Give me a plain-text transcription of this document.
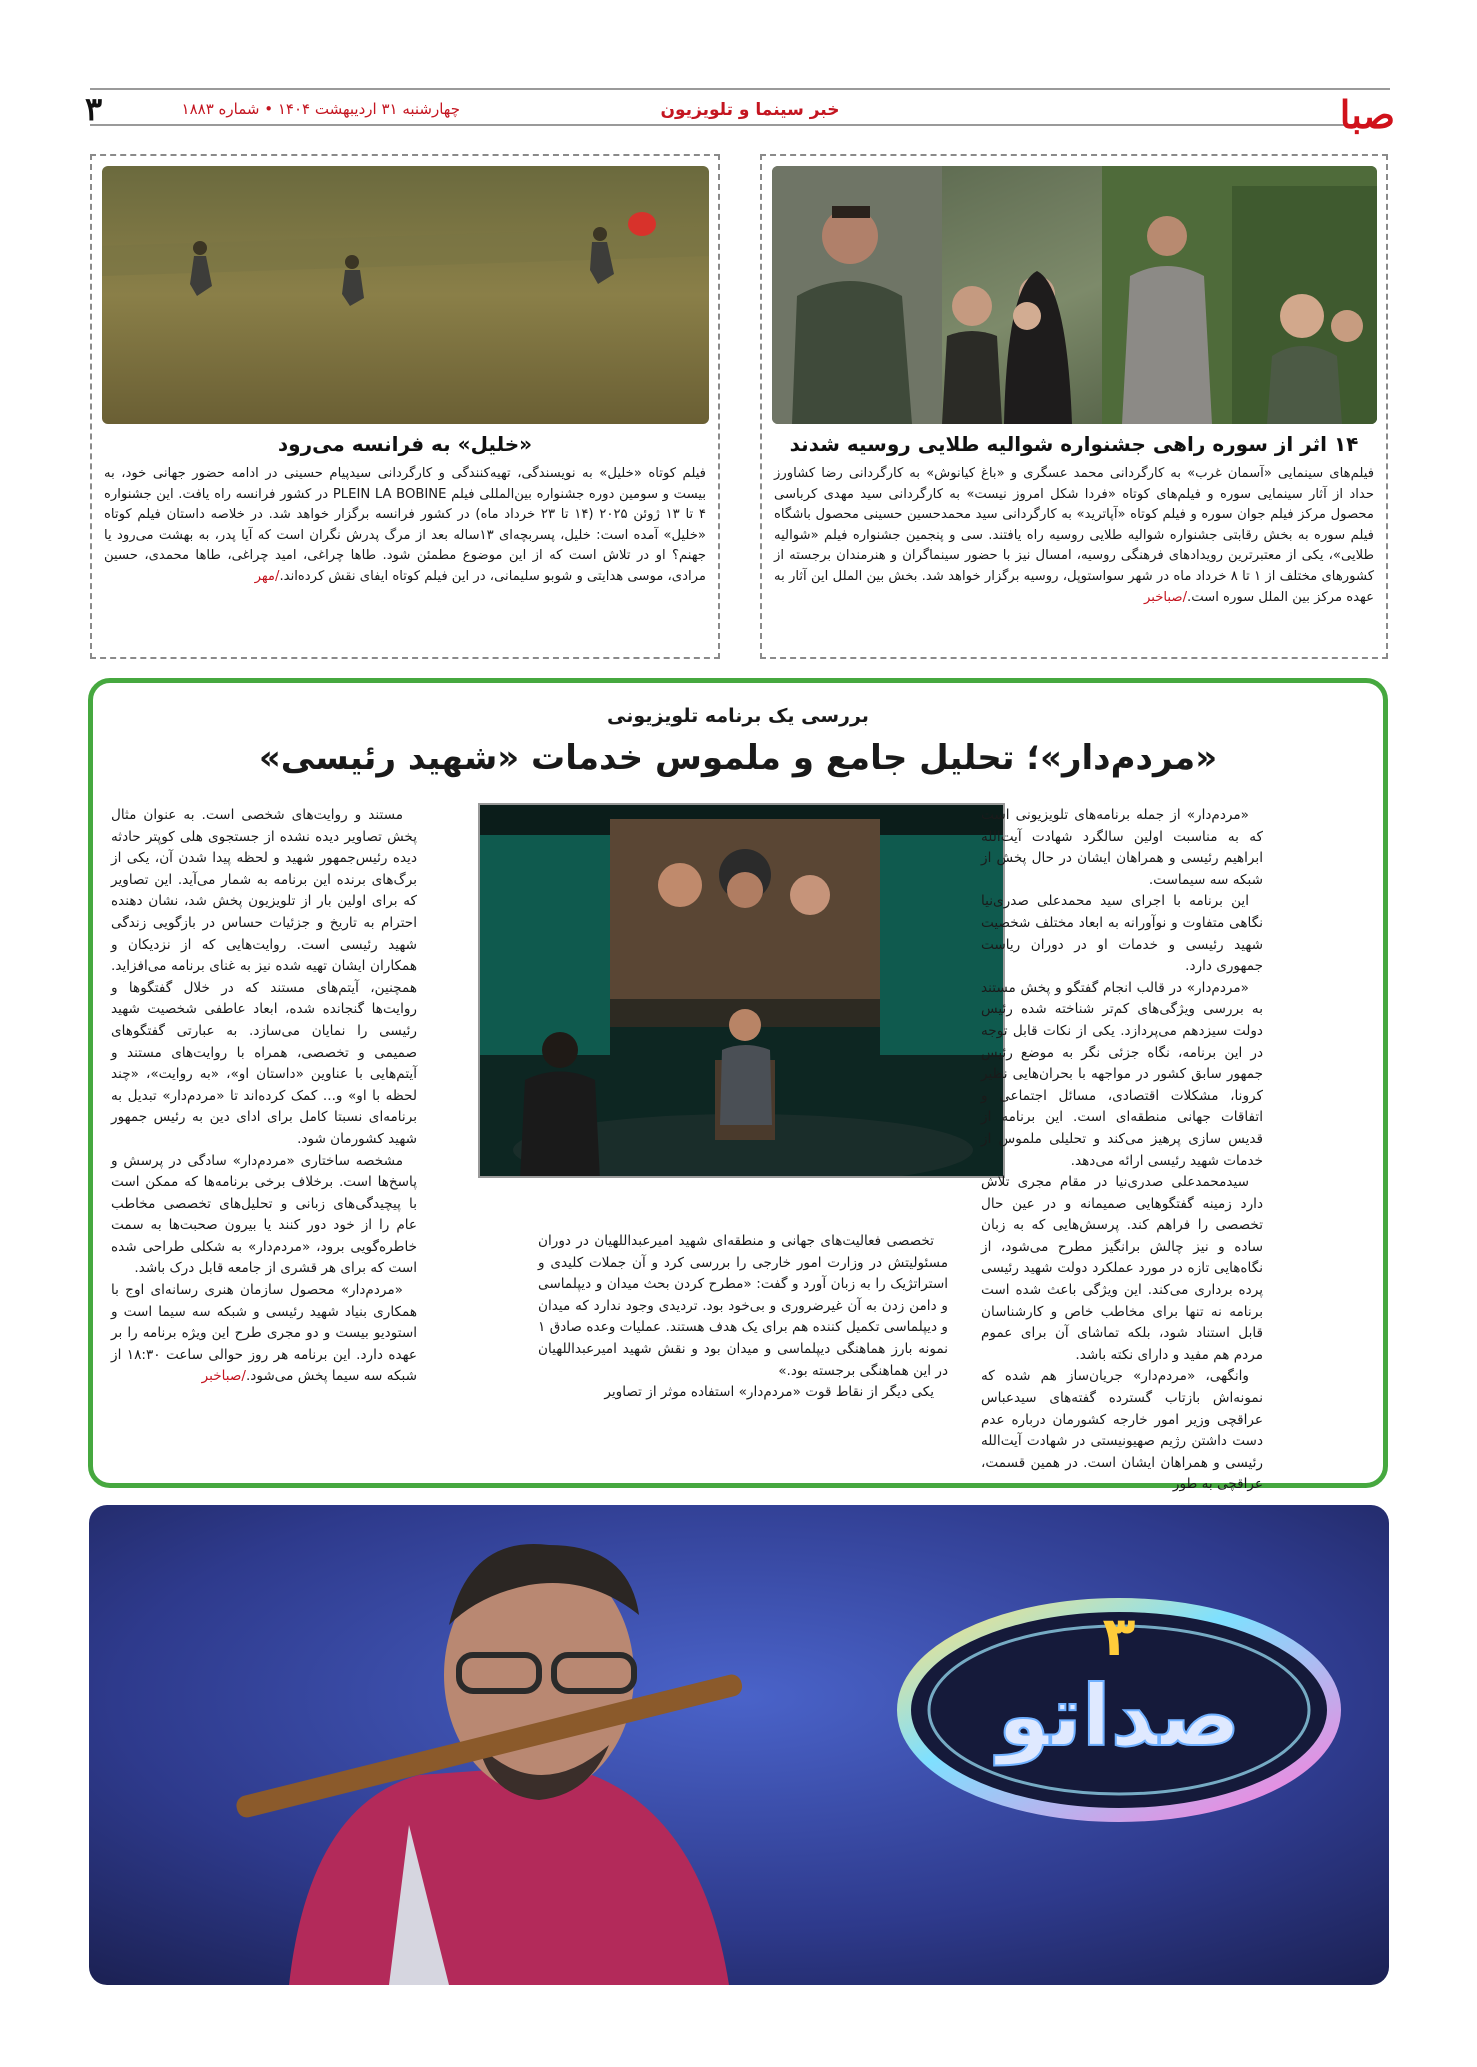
صبا
خبر سینما و تلویزیون
چهارشنبه ۳۱ اردیبهشت ۱۴۰۴ • شماره ۱۸۸۳
۳
۱۴ اثر از سوره راهی جشنواره شوالیه طلایی روسیه شدند

فیلم‌های سینمایی «آسمان غرب» به کارگردانی محمد عسگری و «باغ کیانوش» به کارگردانی رضا کشاورز حداد از آثار سینمایی سوره و فیلم‌های کوتاه «فردا شکل امروز نیست» به کارگردانی سید مهدی کرباسی محصول مرکز فیلم جوان سوره و فیلم کوتاه «آپاترید» به کارگردانی سید محمدحسین حسینی محصول باشگاه فیلم سوره به بخش رقابتی جشنواره شوالیه طلایی روسیه راه یافتند. سی و پنجمین جشنواره فیلم «شوالیه طلایی»، یکی از معتبرترین رویدادهای فرهنگی روسیه، امسال نیز با حضور سینماگران و هنرمندان برجسته از کشورهای مختلف از ۱ تا ۸ خرداد ماه در شهر سواستوپل، روسیه برگزار خواهد شد. بخش بین الملل این آثار به عهده مرکز بین الملل سوره است./صباخبر

«خلیل» به فرانسه می‌رود

فیلم کوتاه «خلیل» به نویسندگی، تهیه‌کنندگی و کارگردانی سیدپیام حسینی در ادامه حضور جهانی خود، به بیست و سومین دوره جشنواره بین‌المللی فیلم PLEIN LA BOBINE در کشور فرانسه راه یافت. این جشنواره ۴ تا ۱۳ ژوئن ۲۰۲۵ (۱۴ تا ۲۳ خرداد ماه) در کشور فرانسه برگزار خواهد شد. در خلاصه داستان فیلم کوتاه «خلیل» آمده است: خلیل، پسربچه‌ای ۱۳ساله بعد از مرگ پدرش نگران است که آیا پدر، به بهشت می‌رود یا جهنم؟ او در تلاش است که از این موضوع مطمئن شود. طاها چراغی، امید چراغی، طاها محمدی، حسین مرادی، موسی هدایتی و شوبو سلیمانی، در این فیلم کوتاه ایفای نقش کرده‌اند./مهر

بررسی یک برنامه تلویزیونی
«مردم‌دار»؛ تحلیل جامع و ملموس خدمات «شهید رئیسی»

«مردم‌دار» از جمله برنامه‌های تلویزیونی است که به مناسبت اولین سالگرد شهادت آیت‌الله ابراهیم رئیسی و همراهان ایشان در حال پخش از شبکه سه سیماست.

این برنامه با اجرای سید محمدعلی صدری‌نیا نگاهی متفاوت و نوآورانه به ابعاد مختلف شخصیت شهید رئیسی و خدمات او در دوران ریاست جمهوری دارد.

«مردم‌دار» در قالب انجام گفتگو و پخش مستند به بررسی ویژگی‌های کم‌تر شناخته شده رئیس دولت سیزدهم می‌پردازد. یکی از نکات قابل توجه در این برنامه، نگاه جزئی نگر به موضع رئیس جمهور سابق کشور در مواجهه با بحران‌هایی نظیر کرونا، مشکلات اقتصادی، مسائل اجتماعی و اتفاقات جهانی منطقه‌ای است. این برنامه از قدیس سازی پرهیز می‌کند و تحلیلی ملموس از خدمات شهید رئیسی ارائه می‌دهد.

سیدمحمدعلی صدری‌نیا در مقام مجری تلاش دارد زمینه گفتگوهایی صمیمانه و در عین حال تخصصی را فراهم کند. پرسش‌هایی که به زبان ساده و نیز چالش برانگیز مطرح می‌شود، از نگاه‌هایی تازه در مورد عملکرد دولت شهید رئیسی پرده برداری می‌کند. این ویژگی باعث شده است برنامه نه تنها برای مخاطب خاص و کارشناسان قابل استناد شود، بلکه تماشای آن برای عموم مردم هم مفید و دارای نکته باشد.

وانگهی، «مردم‌دار» جریان‌ساز هم شده که نمونه‌اش بازتاب گسترده گفته‌های سیدعباس عراقچی وزیر امور خارجه کشورمان درباره عدم دست داشتن رژیم صهیونیستی در شهادت آیت‌الله رئیسی و همراهان ایشان است. در همین قسمت، عراقچی به طور

تخصصی فعالیت‌های جهانی و منطقه‌ای شهید امیرعبداللهیان در دوران مسئولیتش در وزارت امور خارجی را بررسی کرد و آن جملات کلیدی و استراتژیک را به زبان آورد و گفت: «مطرح کردن بحث میدان و دیپلماسی و دامن زدن به آن غیرضروری و بی‌خود بود. تردیدی وجود ندارد که میدان و دیپلماسی تکمیل کننده هم برای یک هدف هستند. عملیات وعده صادق ۱ نمونه بارز هماهنگی دیپلماسی و میدان بود و نقش شهید امیرعبداللهیان در این هماهنگی برجسته بود.»

یکی دیگر از نقاط قوت «مردم‌دار» استفاده موثر از تصاویر

مستند و روایت‌های شخصی است. به عنوان مثال پخش تصاویر دیده نشده از جستجوی هلی کوپتر حادثه دیده رئیس‌جمهور شهید و لحظه پیدا شدن آن، یکی از برگ‌های برنده این برنامه به شمار می‌آید. این تصاویر که برای اولین بار از تلویزیون پخش شد، نشان دهنده احترام به تاریخ و جزئیات حساس در بازگویی زندگی شهید رئیسی است. روایت‌هایی که از نزدیکان و همکاران ایشان تهیه شده نیز به غنای برنامه می‌افزاید. همچنین، آیتم‌های مستند که در خلال گفتگوها و روایت‌ها گنجانده شده، ابعاد عاطفی شخصیت شهید رئیسی را نمایان می‌سازد. به عبارتی گفتگوهای صمیمی و تخصصی، همراه با روایت‌های مستند و آیتم‌هایی با عناوین «داستان او»، «به روایت»، «چند لحظه با او» و... کمک کرده‌اند تا «مردم‌دار» تبدیل به برنامه‌ای نسبتا کامل برای ادای دین به رئیس جمهور شهید کشورمان شود.

مشخصه ساختاری «مردم‌دار» سادگی در پرسش و پاسخ‌ها است. برخلاف برخی برنامه‌ها که ممکن است با پیچیدگی‌های زبانی و تحلیل‌های تخصصی مخاطب عام را از خود دور کنند یا بیرون صحبت‌ها به سمت خاطره‌گویی برود، «مردم‌دار» به شکلی طراحی شده است که برای هر قشری از جامعه قابل درک باشد.

«مردم‌دار» محصول سازمان هنری رسانه‌ای اوج با همکاری بنیاد شهید رئیسی و شبکه سه سیما است و استودیو بیست و دو مجری طرح این ویژه برنامه را بر عهده دارد. این برنامه هر روز حوالی ساعت ۱۸:۳۰ از شبکه سه سیما پخش می‌شود./صباخبر

صداتو
۳
